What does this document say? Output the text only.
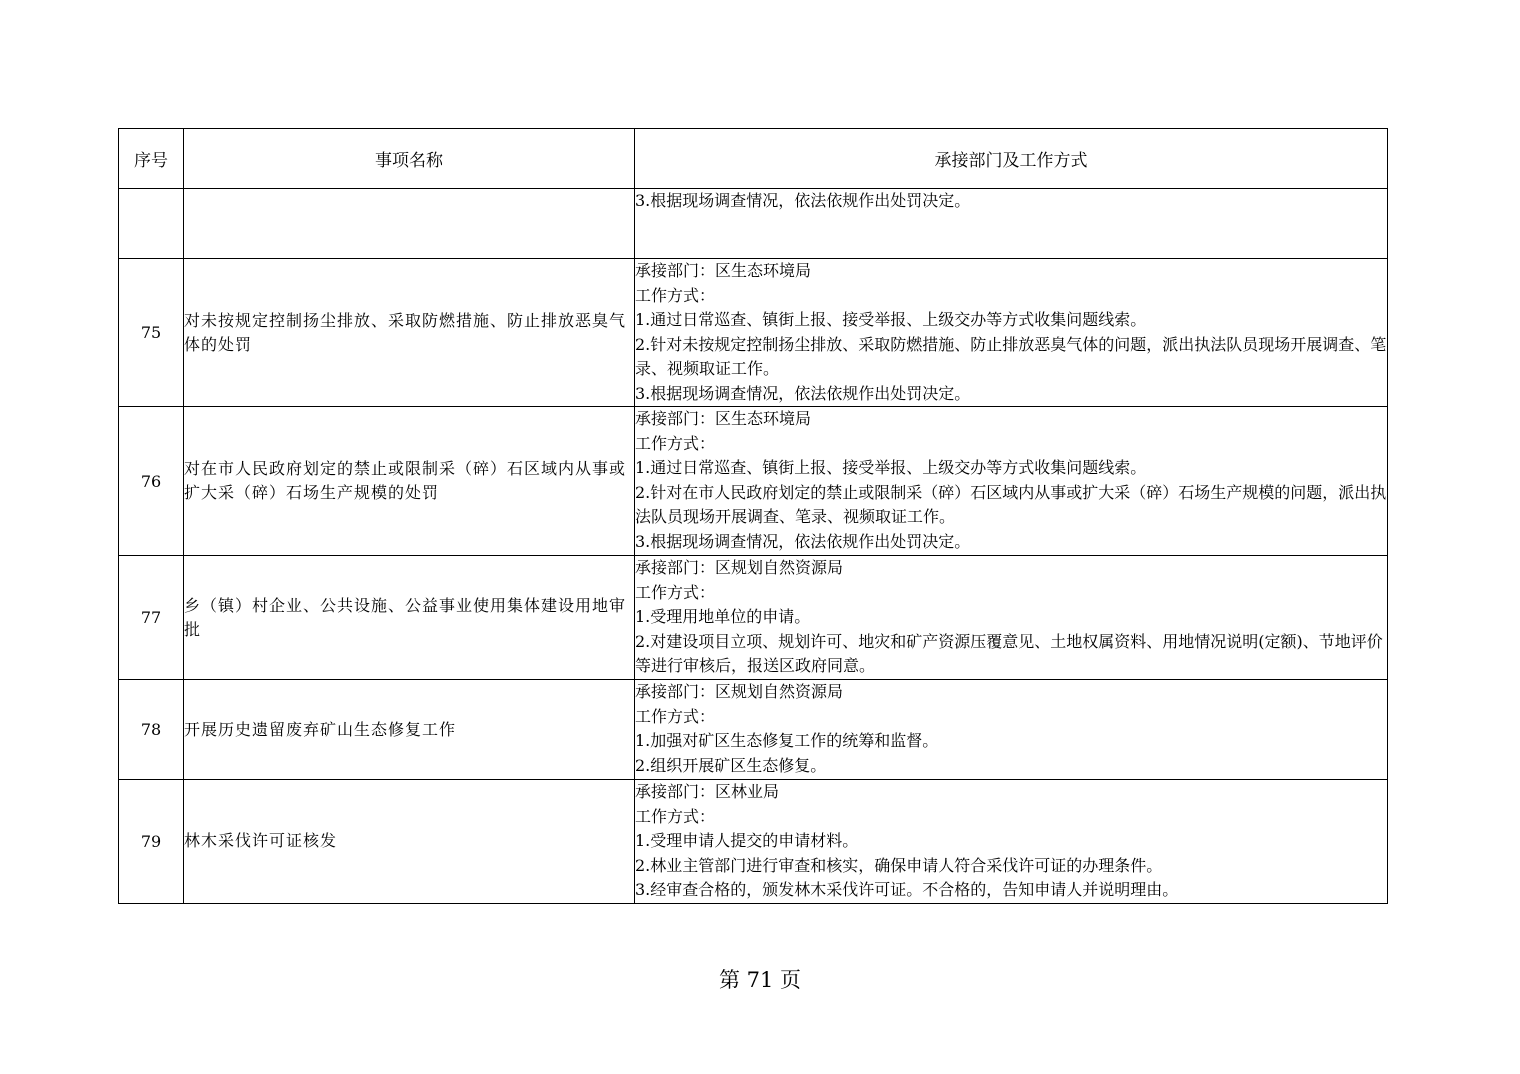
序号	事项名称	承接部门及工作方式

		3.根据现场调查情况，依法依规作出处罚决定。

75	对未按规定控制扬尘排放、采取防燃措施、防止排放恶臭气体的处罚	承接部门：区生态环境局
工作方式：
1.通过日常巡查、镇街上报、接受举报、上级交办等方式收集问题线索。
2.针对未按规定控制扬尘排放、采取防燃措施、防止排放恶臭气体的问题，派出执法队员现场开展调查、笔录、视频取证工作。
3.根据现场调查情况，依法依规作出处罚决定。

76	对在市人民政府划定的禁止或限制采（碎）石区域内从事或扩大采（碎）石场生产规模的处罚	承接部门：区生态环境局
工作方式：
1.通过日常巡查、镇街上报、接受举报、上级交办等方式收集问题线索。
2.针对在市人民政府划定的禁止或限制采（碎）石区域内从事或扩大采（碎）石场生产规模的问题，派出执法队员现场开展调查、笔录、视频取证工作。
3.根据现场调查情况，依法依规作出处罚决定。

77	乡（镇）村企业、公共设施、公益事业使用集体建设用地审批	承接部门：区规划自然资源局
工作方式：
1.受理用地单位的申请。
2.对建设项目立项、规划许可、地灾和矿产资源压覆意见、土地权属资料、用地情况说明(定额)、节地评价等进行审核后，报送区政府同意。

78	开展历史遗留废弃矿山生态修复工作	承接部门：区规划自然资源局
工作方式：
1.加强对矿区生态修复工作的统筹和监督。
2.组织开展矿区生态修复。

79	林木采伐许可证核发	承接部门：区林业局
工作方式：
1.受理申请人提交的申请材料。
2.林业主管部门进行审查和核实，确保申请人符合采伐许可证的办理条件。
3.经审查合格的，颁发林木采伐许可证。不合格的，告知申请人并说明理由。
第 71 页
